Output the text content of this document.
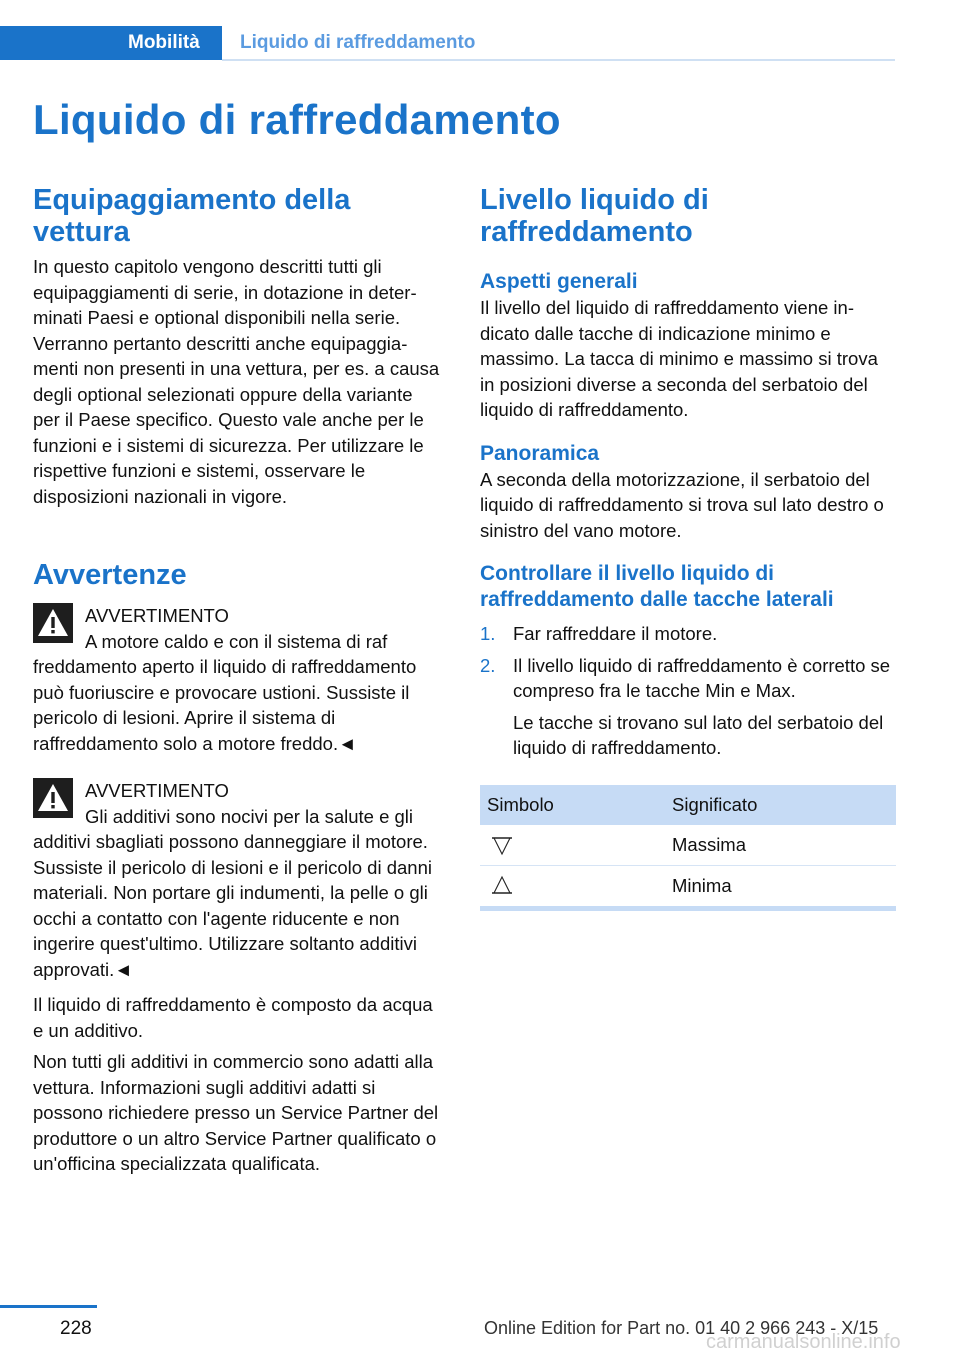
Mobilità	Liquido di raffreddamento
Liquido di raffreddamento
Equipaggiamento della vettura

In questo capitolo vengono descritti tutti gli equipaggiamenti di serie, in dotazione in determinati Paesi e optional disponibili nella serie. Verranno pertanto descritti anche equipaggiamenti non presenti in una vettura, per es. a causa degli optional selezionati oppure della variante per il Paese specifico. Questo vale anche per le funzioni e i sistemi di sicurezza. Per utilizzare le rispettive funzioni e sistemi, osservare le disposizioni nazionali in vigore.

Avvertenze

AVVERTIMENTO

A motore caldo e con il sistema di raf

freddamento aperto il liquido di raffreddamento può fuoriuscire e provocare ustioni. Sussiste il pericolo di lesioni. Aprire il sistema di raffreddamento solo a motore freddo.◄

AVVERTIMENTO

Gli additivi sono nocivi per la salute e gli

additivi sbagliati possono danneggiare il motore. Sussiste il pericolo di lesioni e il pericolo di danni materiali. Non portare gli indumenti, la pelle o gli occhi a contatto con l'agente riducente e non ingerire quest'ultimo. Utilizzare soltanto additivi approvati.◄

Il liquido di raffreddamento è composto da acqua e un additivo.

Non tutti gli additivi in commercio sono adatti alla vettura. Informazioni sugli additivi adatti si possono richiedere presso un Service Partner del produttore o un altro Service Partner qualificato o un'officina specializzata qualificata.

Livello liquido di raffreddamento
Aspetti generali

Il livello del liquido di raffreddamento viene indicato dalle tacche di indicazione minimo e massimo. La tacca di minimo e massimo si trova in posizioni diverse a seconda del serbatoio del liquido di raffreddamento.

Panoramica

A seconda della motorizzazione, il serbatoio del liquido di raffreddamento si trova sul lato destro o sinistro del vano motore.

Controllare il livello liquido di raffreddamento dalle tacche laterali
1. Far raffreddare il motore.

2. Il livello liquido di raffreddamento è corretto se compreso fra le tacche Min e Max.

Le tacche si trovano sul lato del serbatoio del liquido di raffreddamento.

Simbolo	Significato
	Massima
	Minima
228	Online Edition for Part no. 01 40 2 966 243 - X/15
carmanualsonline.info
